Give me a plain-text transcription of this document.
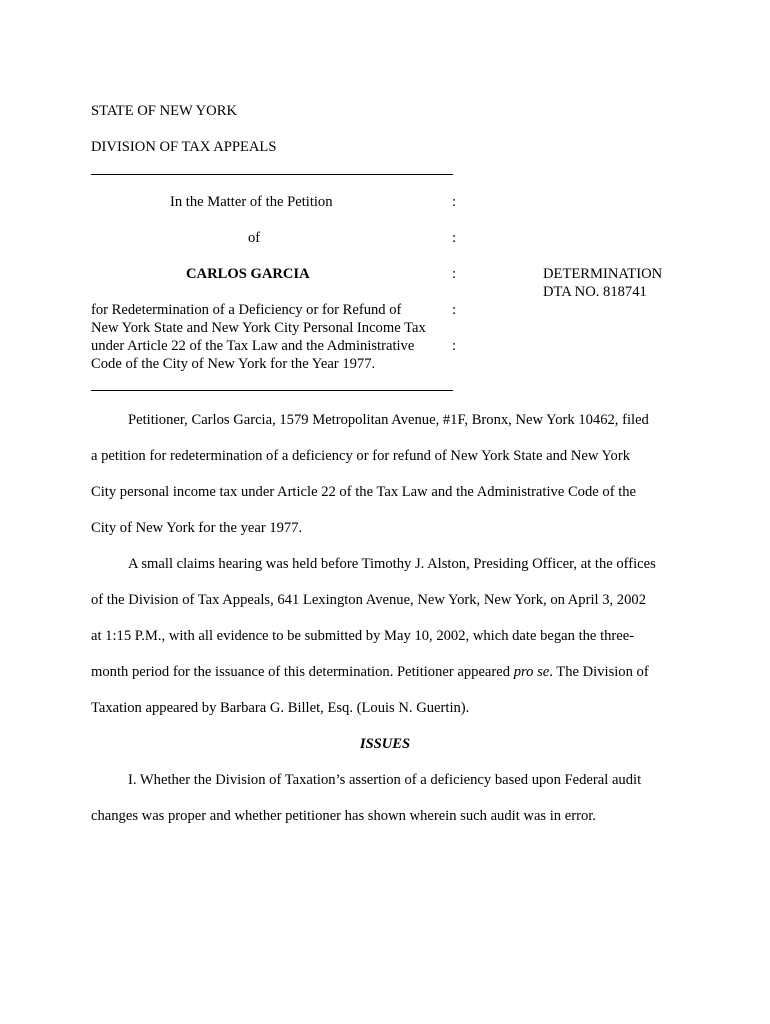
STATE OF NEW YORK
DIVISION OF TAX APPEALS
In the Matter of the Petition	:
of	:
CARLOS GARCIA	:	DETERMINATION
DTA NO. 818741
for Redetermination of a Deficiency or for Refund of	:
New York State and New York City Personal Income Tax
under Article 22 of the Tax Law and the Administrative	:
Code of the City of New York for the Year 1977.
Petitioner, Carlos Garcia, 1579 Metropolitan Avenue, #1F, Bronx, New York 10462, filed
a petition for redetermination of a deficiency or for refund of New York State and New York
City personal income tax under Article 22 of the Tax Law and the Administrative Code of the
City of New York for the year 1977.
A small claims hearing was held before Timothy J. Alston, Presiding Officer, at the offices
of the Division of Tax Appeals, 641 Lexington Avenue, New York, New York, on April 3, 2002
at 1:15 P.M., with all evidence to be submitted by May 10, 2002, which date began the three-
month period for the issuance of this determination. Petitioner appeared pro se. The Division of
Taxation appeared by Barbara G. Billet, Esq. (Louis N. Guertin).
ISSUES
I. Whether the Division of Taxation’s assertion of a deficiency based upon Federal audit
changes was proper and whether petitioner has shown wherein such audit was in error.
